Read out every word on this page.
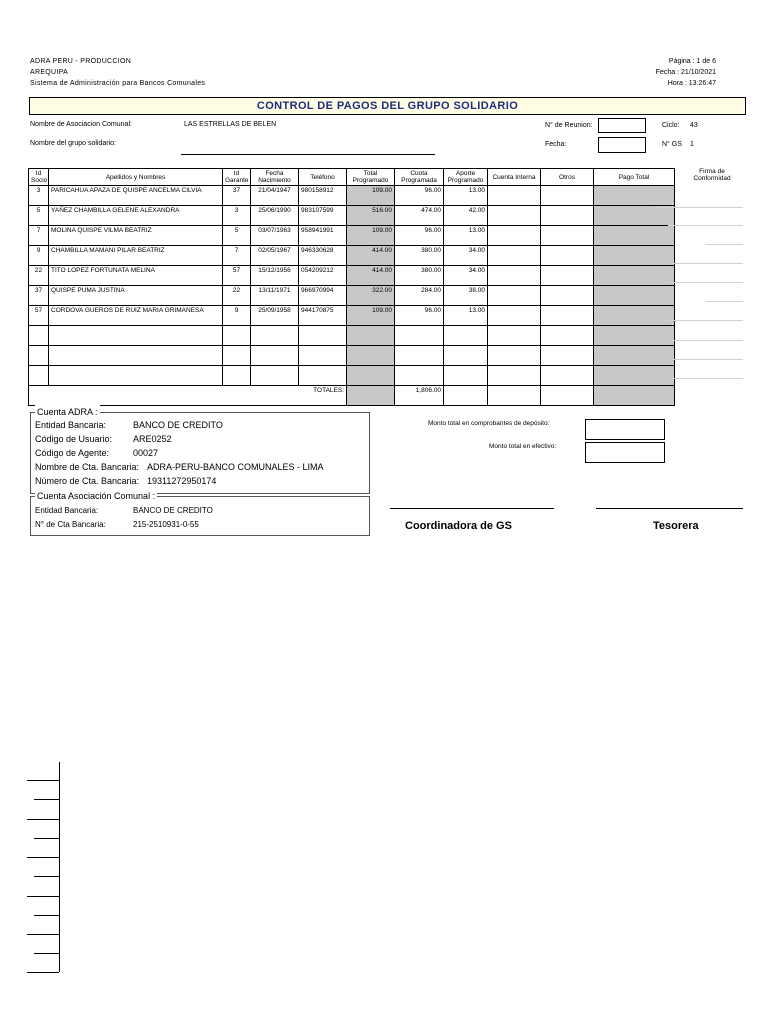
ADRA PERU - PRODUCCION
AREQUIPA
Sistema de Administración para Bancos Comunales
Página : 1 de 6
Fecha : 21/10/2021
Hora : 13:26:47
CONTROL DE PAGOS DEL GRUPO SOLIDARIO
Nombre de Asociacion Comunal:	LAS ESTRELLAS DE BELEN
Nombre del grupo solidario:
N° de Reunion:
Fecha:
Ciclo: 43
N° GS 1
Id Socio	Apellidos y Nombres	Id Garante	Fecha Nacimiento	Teléfono	Total Programado	Cuota Programada	Aporte Programado	Cuenta Interna	Otros	Pago Total
3	PARICAHUA APAZA DE QUISPE ANCELMA CILVIA	37	21/04/1947	980158912	109.00	96.00	13.00			
5	YAÑEZ CHAMBILLA GELENE ALEXANDRA	3	25/06/1990	983107599	516.00	474.00	42.00			
7	MOLINA QUISPE VILMA BEATRIZ	5	03/07/1963	958941991	109.00	96.00	13.00			
9	CHAMBILLA MAMANI PILAR BEATRIZ	7	02/05/1967	946330628	414.00	380.00	34.00			
22	TITO LOPEZ FORTUNATA MELINA	57	15/12/1956	054209212	414.00	380.00	34.00			
37	QUISPE PUMA JUSTINA	22	13/11/1971	966970994	322.00	284.00	38.00			
57	CORDOVA GUEROS DE RUIZ MARIA GRIMANESA	9	25/09/1958	944170875	109.00	96.00	13.00			

TOTALES:						1,806.00				
Firma de Conformidad
Cuenta ADRA :
Entidad Bancaria:	BANCO DE CREDITO
Código de Usuario:	ARE0252
Código de Agente:	00027
Nombre de Cta. Bancaria: ADRA-PERU-BANCO COMUNALES - LIMA
Número de Cta. Bancaria: 19311272950174
Cuenta Asociación Comunal :
Entidad Bancaria:	BANCO DE CREDITO
N° de Cta Bancaria:	215-2510931-0-55
Monto total en comprobantes de depósito:
Monto total en efectivo:
Coordinadora de GS	Tesorera
